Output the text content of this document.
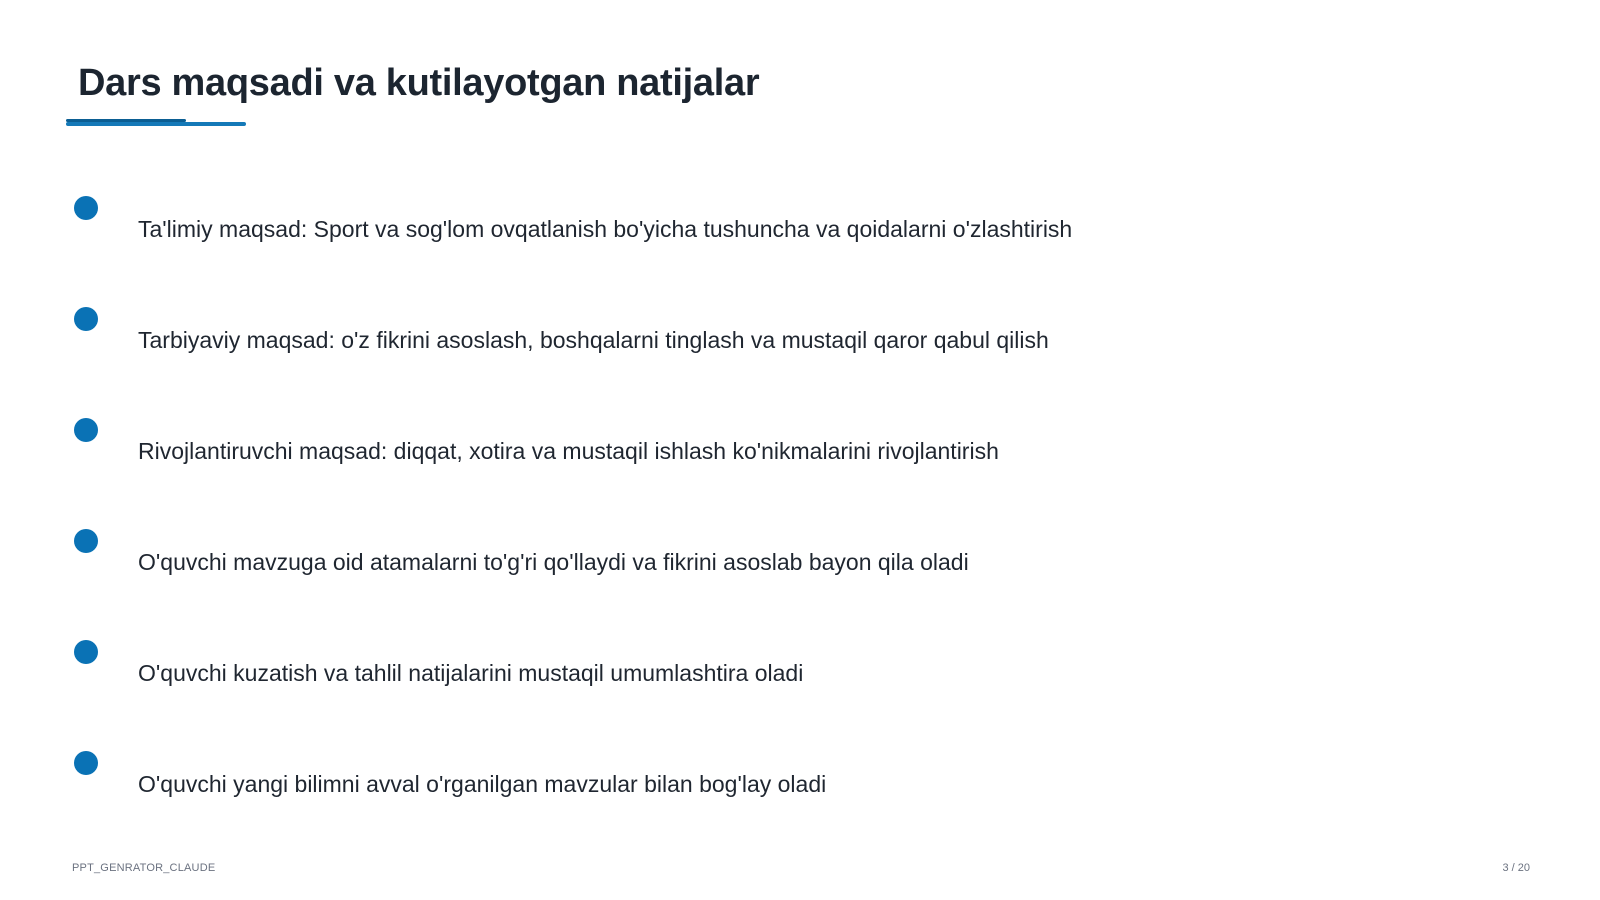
Dars maqsadi va kutilayotgan natijalar
Ta'limiy maqsad: Sport va sog'lom ovqatlanish bo'yicha tushuncha va qoidalarni o'zlashtirish
Tarbiyaviy maqsad: o'z fikrini asoslash, boshqalarni tinglash va mustaqil qaror qabul qilish
Rivojlantiruvchi maqsad: diqqat, xotira va mustaqil ishlash ko'nikmalarini rivojlantirish
O'quvchi mavzuga oid atamalarni to'g'ri qo'llaydi va fikrini asoslab bayon qila oladi
O'quvchi kuzatish va tahlil natijalarini mustaqil umumlashtira oladi
O'quvchi yangi bilimni avval o'rganilgan mavzular bilan bog'lay oladi
PPT_GENRATOR_CLAUDE	3 / 20
